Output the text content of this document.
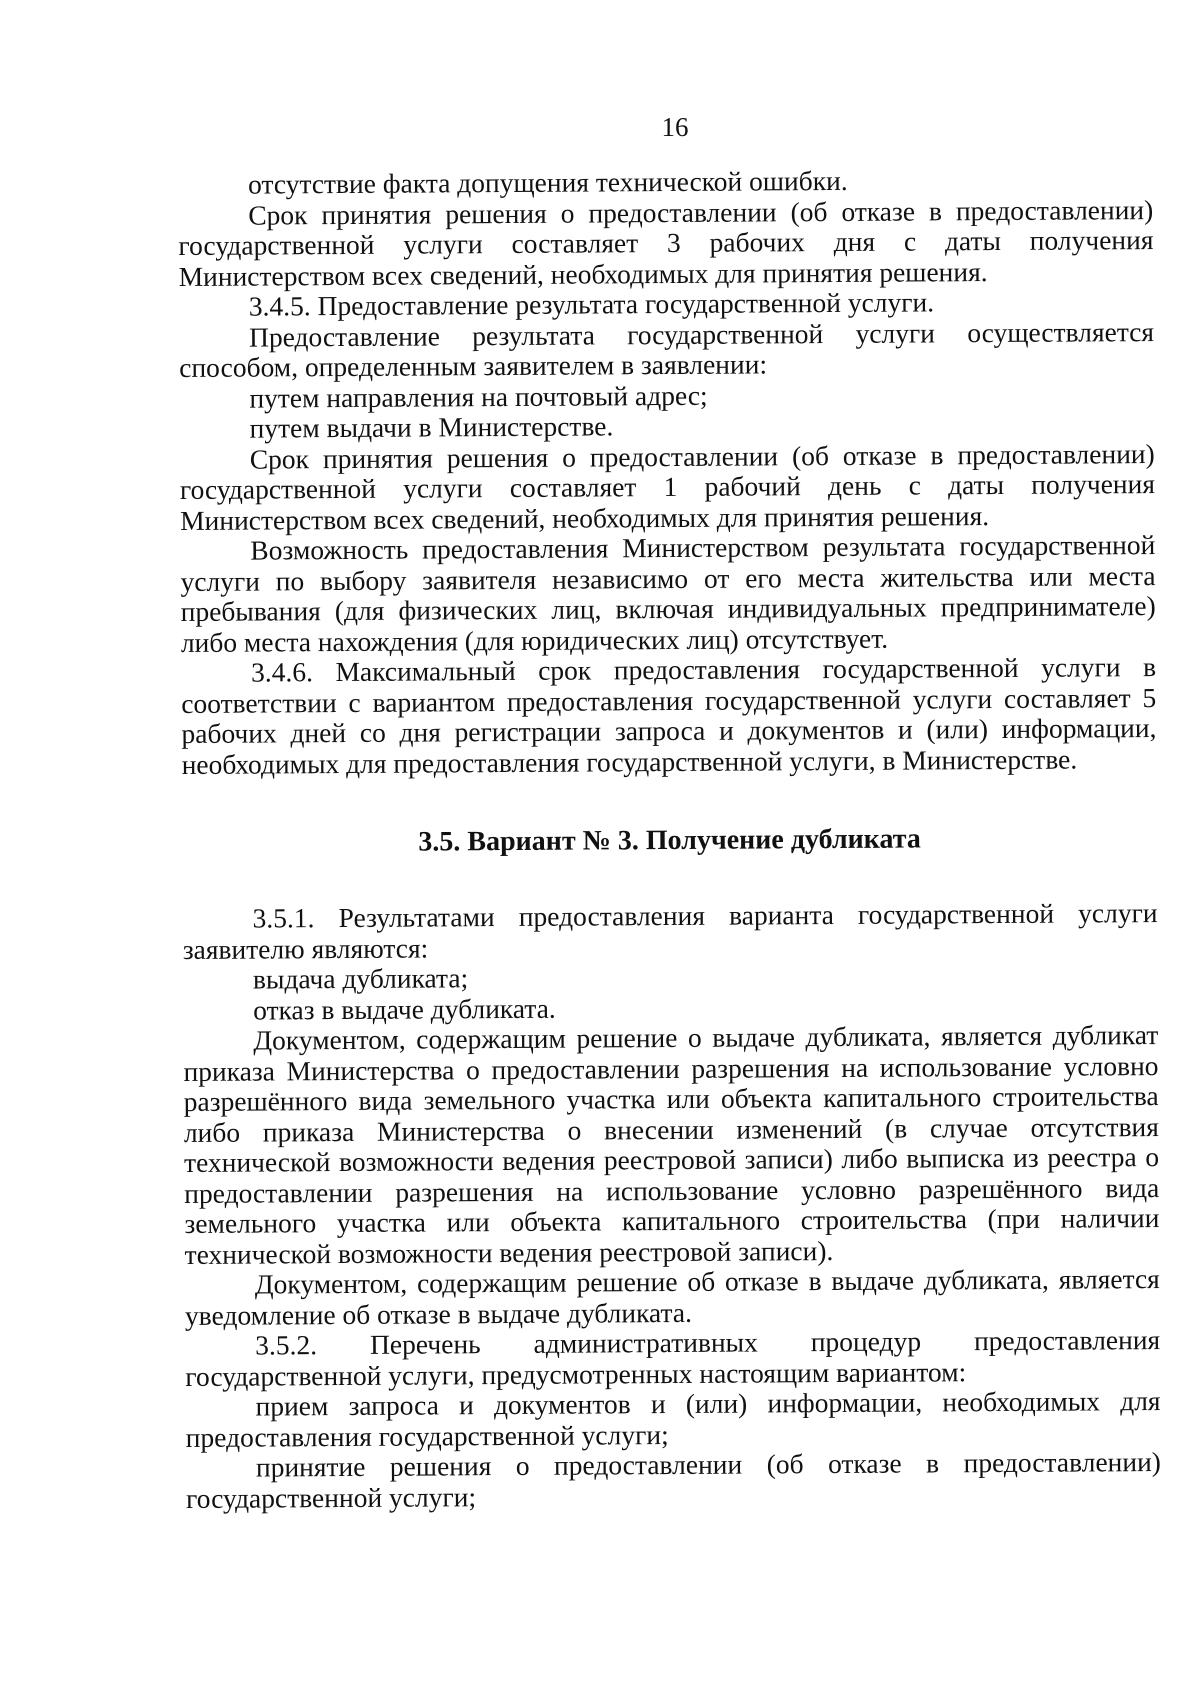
16

отсутствие факта допущения технической ошибки.

Срок принятия решения о предоставлении (об отказе в предоставлении) государственной услуги составляет 3 рабочих дня с даты получения Министерством всех сведений, необходимых для принятия решения.

3.4.5. Предоставление результата государственной услуги.

Предоставление результата государственной услуги осуществляется способом, определенным заявителем в заявлении:

путем направления на почтовый адрес;

путем выдачи в Министерстве.

Срок принятия решения о предоставлении (об отказе в предоставлении) государственной услуги составляет 1 рабочий день с даты получения Министерством всех сведений, необходимых для принятия решения.

Возможность предоставления Министерством результата государственной услуги по выбору заявителя независимо от его места жительства или места пребывания (для физических лиц, включая индивидуальных предпринимателе) либо места нахождения (для юридических лиц) отсутствует.

3.4.6. Максимальный срок предоставления государственной услуги в соответствии с вариантом предоставления государственной услуги составляет 5 рабочих дней со дня регистрации запроса и документов и (или) информации, необходимых для предоставления государственной услуги, в Министерстве.

3.5. Вариант № 3. Получение дубликата

3.5.1. Результатами предоставления варианта государственной услуги заявителю являются:

выдача дубликата;

отказ в выдаче дубликата.

Документом, содержащим решение о выдаче дубликата, является дубликат приказа Министерства о предоставлении разрешения на использование условно разрешённого вида земельного участка или объекта капитального строительства либо приказа Министерства о внесении изменений (в случае отсутствия технической возможности ведения реестровой записи) либо выписка из реестра о предоставлении разрешения на использование условно разрешённого вида земельного участка или объекта капитального строительства (при наличии технической возможности ведения реестровой записи).

Документом, содержащим решение об отказе в выдаче дубликата, является уведомление об отказе в выдаче дубликата.

3.5.2. Перечень административных процедур предоставления государственной услуги, предусмотренных настоящим вариантом:

прием запроса и документов и (или) информации, необходимых для предоставления государственной услуги;

принятие решения о предоставлении (об отказе в предоставлении) государственной услуги;
